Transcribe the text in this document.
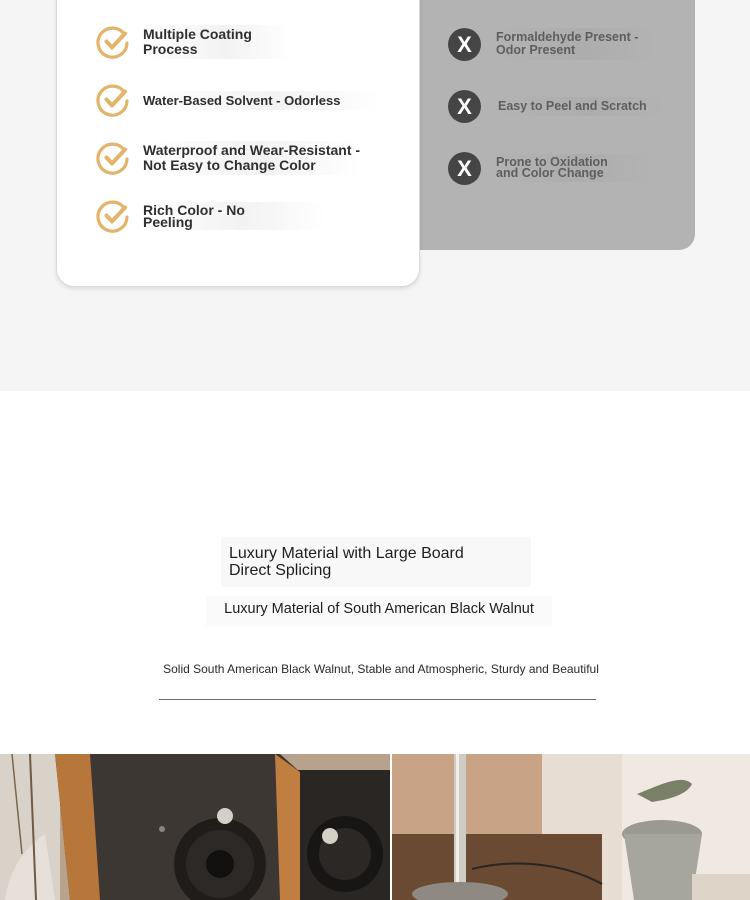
Multiple Coating
Process
Water-Based Solvent - Odorless
Waterproof and Wear-Resistant -
Not Easy to Change Color
Rich Color - No
Peeling
X	Formaldehyde Present -
Odor Present
X	Easy to Peel and Scratch
X	Prone to Oxidation
and Color Change
Luxury Material with Large Board
Direct Splicing
Luxury Material of South American Black Walnut
Solid South American Black Walnut, Stable and Atmospheric, Sturdy and Beautiful
